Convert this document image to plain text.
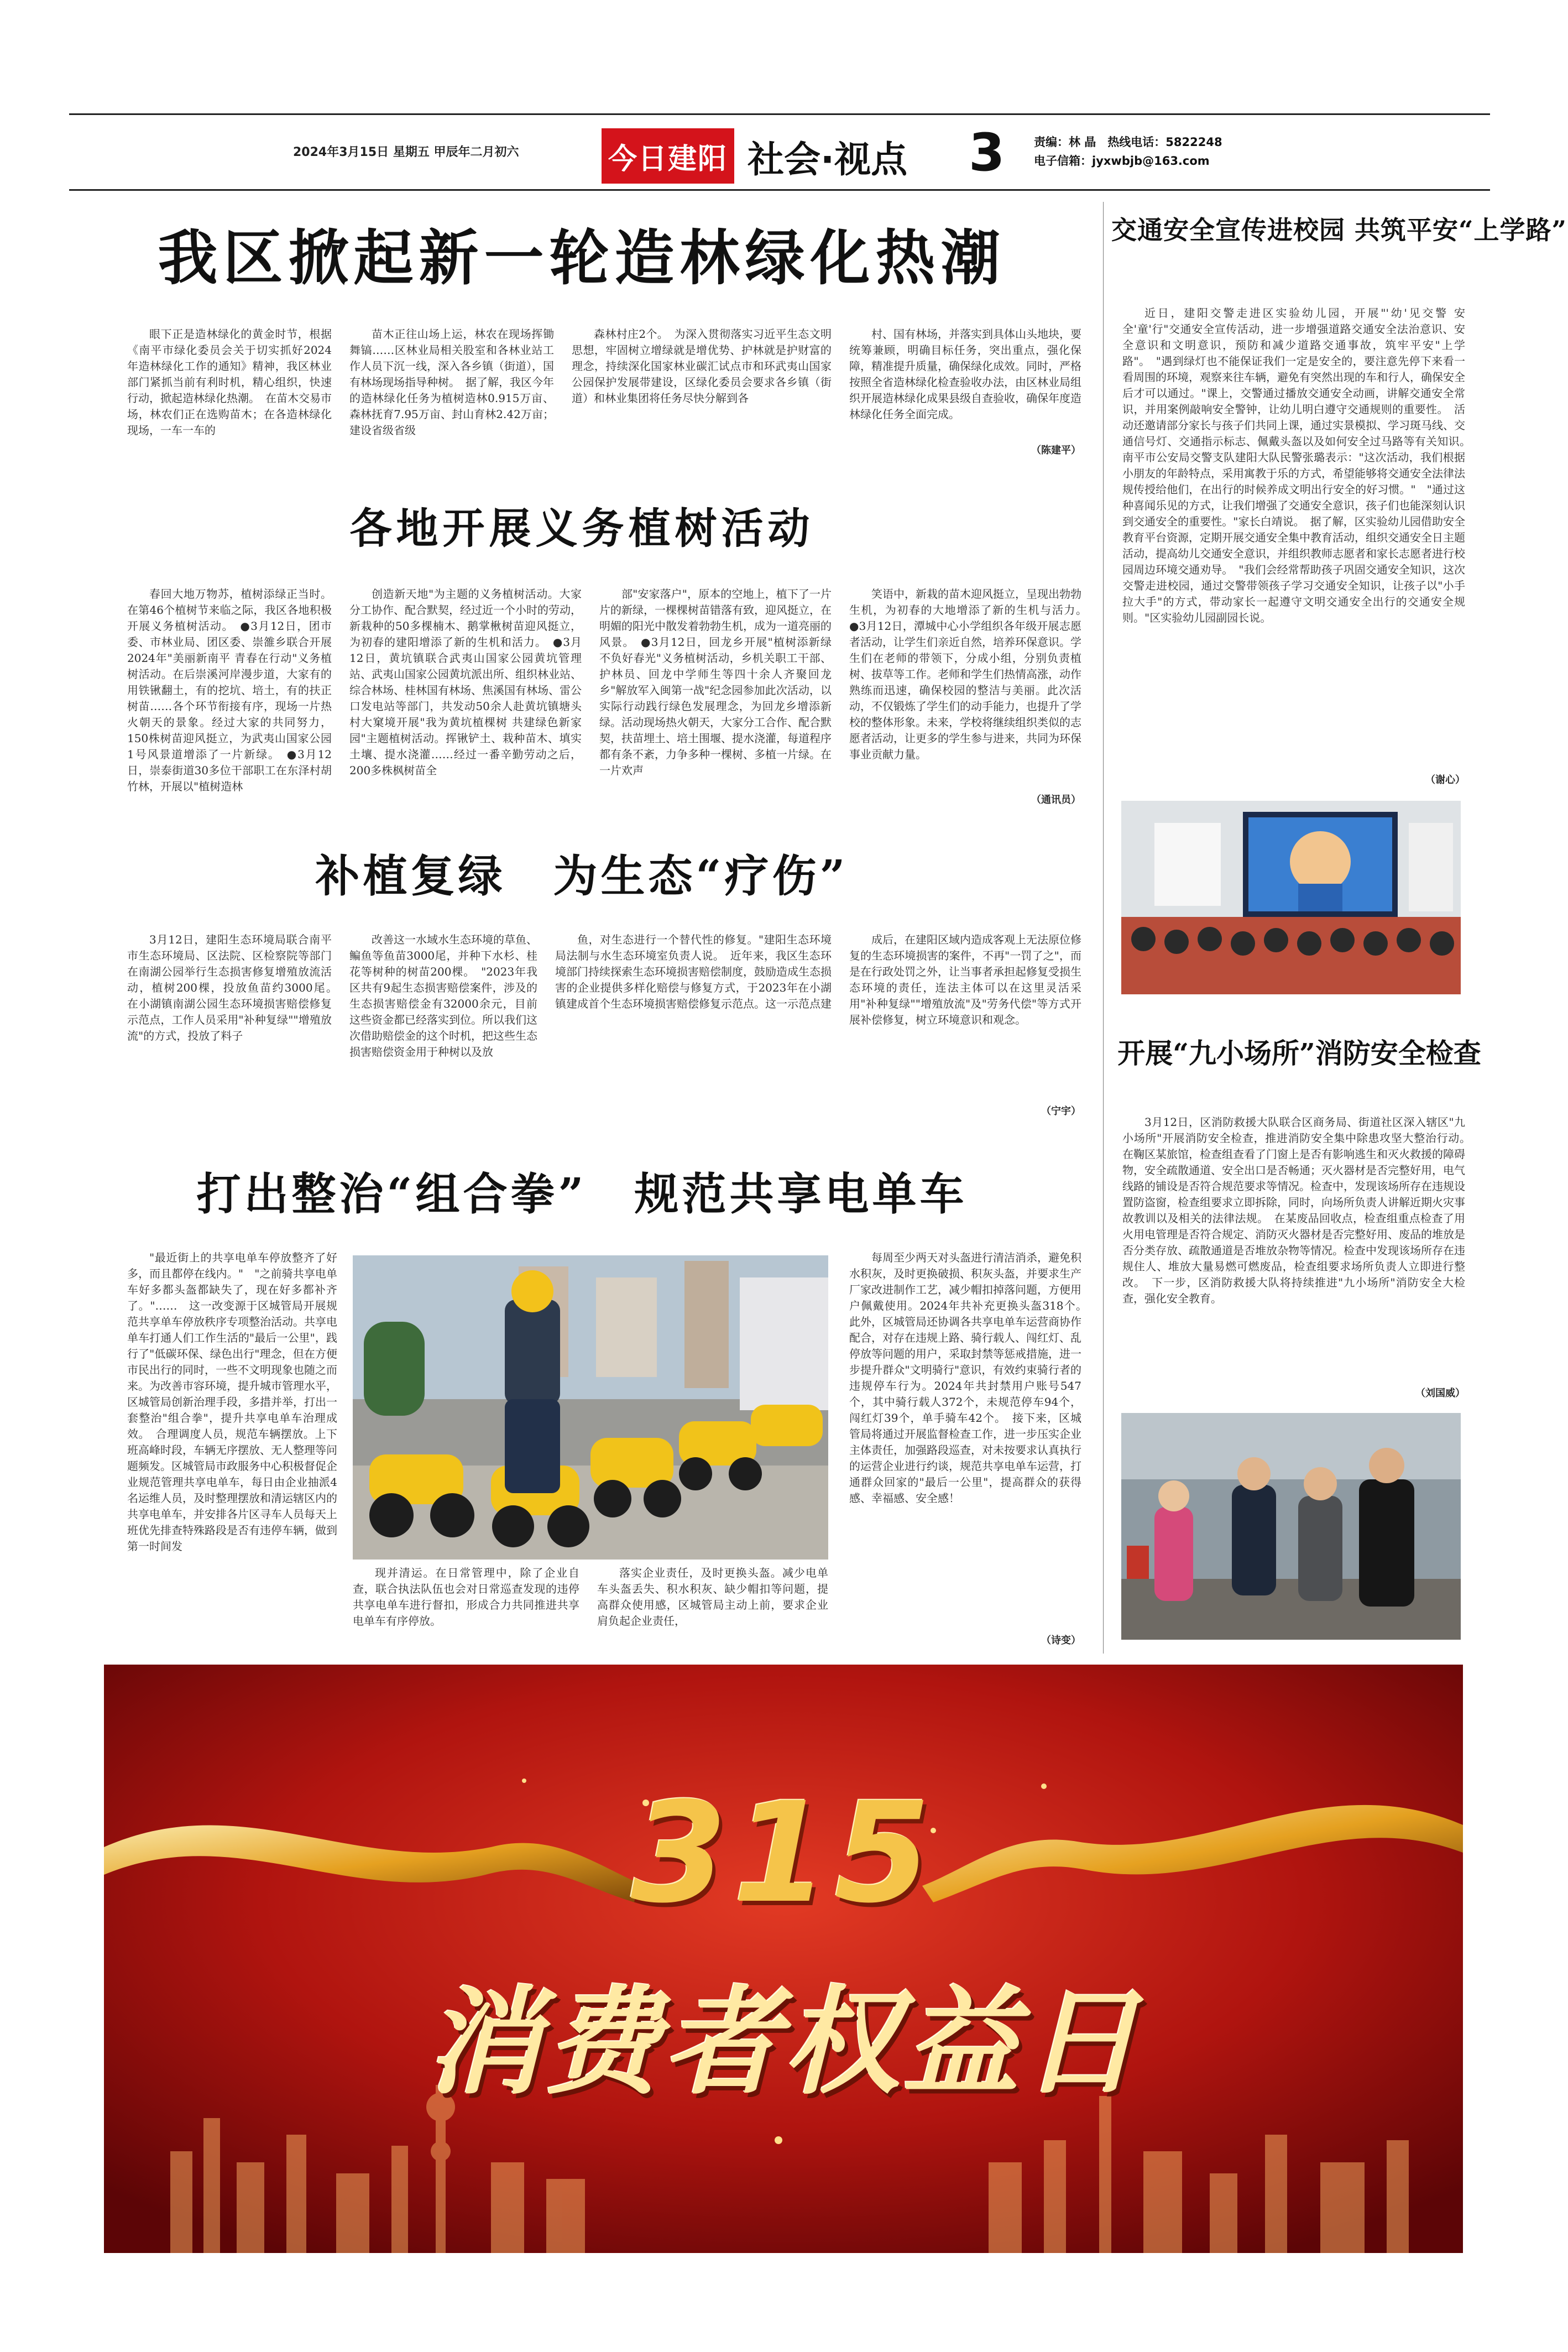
2024年3月15日 星期五 甲辰年二月初六	今日建阳 社会·视点 3	责编：林 晶　热线电话：5822248
电子信箱：jyxwbjb@163.com
我区掀起新一轮造林绿化热潮

眼下正是造林绿化的黄金时节，根据《南平市绿化委员会关于切实抓好2024年造林绿化工作的通知》精神，我区林业部门紧抓当前有利时机，精心组织，快速行动，掀起造林绿化热潮。　在苗木交易市场，林农们正在选购苗木；在各造林绿化现场，一车一车的

苗木正往山场上运，林农在现场挥锄舞镐……区林业局相关股室和各林业站工作人员下沉一线，深入各乡镇（街道），国有林场现场指导种树。　据了解，我区今年的造林绿化任务为植树造林0.915万亩、森林抚育7.95万亩、封山育林2.42万亩；建设省级省级

森林村庄2个。　为深入贯彻落实习近平生态文明思想，牢固树立增绿就是增优势、护林就是护财富的理念，持续深化国家林业碳汇试点市和环武夷山国家公园保护发展带建设，区绿化委员会要求各乡镇（街道）和林业集团将任务尽快分解到各

村、国有林场，并落实到具体山头地块，要统筹兼顾，明确目标任务，突出重点，强化保障，精准提升质量，确保绿化成效。同时，严格按照全省造林绿化检查验收办法，由区林业局组织开展造林绿化成果县级自查验收，确保年度造林绿化任务全面完成。

（陈建平）
各地开展义务植树活动

春回大地万物苏，植树添绿正当时。在第46个植树节来临之际，我区各地积极开展义务植树活动。　●3月12日，团市委、市林业局、团区委、崇雒乡联合开展2024年"美丽新南平 青春在行动"义务植树活动。在后崇溪河岸漫步道，大家有的用铁锹翻土，有的挖坑、培土，有的扶正树苗……各个环节衔接有序，现场一片热火朝天的景象。经过大家的共同努力，150株树苗迎风挺立，为武夷山国家公园1号风景道增添了一片新绿。　●3月12日，崇泰街道30多位干部职工在东泽村胡竹林，开展以"植树造林

创造新天地"为主题的义务植树活动。大家分工协作、配合默契，经过近一个小时的劳动，新栽种的50多棵楠木、鹅掌楸树苗迎风挺立，为初春的建阳增添了新的生机和活力。　●3月12日，黄坑镇联合武夷山国家公园黄坑管理站、武夷山国家公园黄坑派出所、组织林业站、综合林场、桂林国有林场、焦溪国有林场、雷公口发电站等部门，共发动50余人赴黄坑镇塘头村大窠境开展"我为黄坑植棵树 共建绿色新家园"主题植树活动。挥锹铲土、栽种苗木、填实土壤、提水浇灌……经过一番辛勤劳动之后，200多株枫树苗全

部"安家落户"，原本的空地上，植下了一片片的新绿，一棵棵树苗错落有致，迎风挺立，在明媚的阳光中散发着勃勃生机，成为一道亮丽的风景。　●3月12日，回龙乡开展"植树添新绿 不负好春光"义务植树活动，乡机关职工干部、护林员、回龙中学师生等四十余人齐聚回龙乡"解放军入闽第一战"纪念园参加此次活动，以实际行动践行绿色发展理念，为回龙乡增添新绿。活动现场热火朝天，大家分工合作、配合默契，扶苗埋土、培土围堰、提水浇灌，每道程序都有条不紊，力争多种一棵树、多植一片绿。在一片欢声

笑语中，新栽的苗木迎风挺立，呈现出勃勃生机，为初春的大地增添了新的生机与活力。　●3月12日，潭城中心小学组织各年级开展志愿者活动，让学生们亲近自然，培养环保意识。学生们在老师的带领下，分成小组，分别负责植树、拔草等工作。老师和学生们热情高涨，动作熟练而迅速，确保校园的整洁与美丽。此次活动，不仅锻炼了学生们的动手能力，也提升了学校的整体形象。未来，学校将继续组织类似的志愿者活动，让更多的学生参与进来，共同为环保事业贡献力量。

（通讯员）
补植复绿　为生态“疗伤”

3月12日，建阳生态环境局联合南平市生态环境局、区法院、区检察院等部门在南湖公园举行生态损害修复增殖放流活动，植树200棵，投放鱼苗约3000尾。　在小湖镇南湖公园生态环境损害赔偿修复示范点，工作人员采用"补种复绿""增殖放流"的方式，投放了料子

改善这一水域水生态环境的草鱼、鳊鱼等鱼苗3000尾，并种下水杉、桂花等树种的树苗200棵。　"2023年我区共有9起生态损害赔偿案件，涉及的生态损害赔偿金有32000余元，目前这些资金都已经落实到位。所以我们这次借助赔偿金的这个时机，把这些生态损害赔偿资金用于种树以及放

鱼，对生态进行一个替代性的修复。"建阳生态环境局法制与水生态环境室负责人说。　近年来，我区生态环境部门持续探索生态环境损害赔偿制度，鼓励造成生态损害的企业提供多样化赔偿与修复方式，于2023年在小湖镇建成首个生态环境损害赔偿修复示范点。这一示范点建

成后，在建阳区域内造成客观上无法原位修复的生态环境损害的案件，不再"一罚了之"，而是在行政处罚之外，让当事者承担起修复受损生态环境的责任，连法主体可以在这里灵活采用"补种复绿""增殖放流"及"劳务代偿"等方式开展补偿修复，树立环境意识和观念。

（宁宇）
打出整治“组合拳”　规范共享电单车

"最近街上的共享电单车停放整齐了好多，而且都停在线内。"　"之前骑共享电单车好多都头盔都缺失了，现在好多都补齐了。"……　这一改变源于区城管局开展规范共享单车停放秩序专项整治活动。共享电单车打通人们工作生活的"最后一公里"，践行了"低碳环保、绿色出行"理念，但在方便市民出行的同时，一些不文明现象也随之而来。为改善市容环境，提升城市管理水平，区城管局创新治理手段，多措并举，打出一套整治"组合拳"，提升共享电单车治理成效。　合理调度人员，规范车辆摆放。上下班高峰时段，车辆无序摆放、无人整理等问题频发。区城管局市政服务中心积极督促企业规范管理共享电单车，每日由企业抽派4名运维人员，及时整理摆放和清运辖区内的共享电单车，并安排各片区寻车人员每天上班优先排查特殊路段是否有违停车辆，做到第一时间发

现并清运。在日常管理中，除了企业自查，联合执法队伍也会对日常巡查发现的违停共享电单车进行督扣，形成合力共同推进共享电单车有序停放。

落实企业责任，及时更换头盔。减少电单车头盔丢失、积水积灰、缺少帽扣等问题，提高群众使用感，区城管局主动上前，要求企业肩负起企业责任，

每周至少两天对头盔进行清洁消杀，避免积水积灰，及时更换破损、积灰头盔，并要求生产厂家改进制作工艺，减少帽扣掉落问题，方便用户佩戴使用。2024年共补充更换头盔318个。　此外，区城管局还协调各共享电单车运营商协作配合，对存在违规上路、骑行载人、闯红灯、乱停放等问题的用户，采取封禁等惩戒措施，进一步提升群众"文明骑行"意识，有效约束骑行者的违规停车行为。2024年共封禁用户账号547个，其中骑行载人372个，未规范停车94个，闯红灯39个，单手骑车42个。　接下来，区城管局将通过开展监督检查工作，进一步压实企业主体责任，加强路段巡查，对未按要求认真执行的运营企业进行约谈，规范共享电单车运营，打通群众回家的"最后一公里"，提高群众的获得感、幸福感、安全感！

（诗变）
交通安全宣传进校园 共筑平安“上学路”

近日，建阳交警走进区实验幼儿园，开展"'幼'见交警 安全'童'行"交通安全宣传活动，进一步增强道路交通安全法治意识、安全意识和文明意识，预防和减少道路交通事故，筑牢平安"上学路"。　"遇到绿灯也不能保证我们一定是安全的，要注意先停下来看一看周围的环境，观察来往车辆，避免有突然出现的车和行人，确保安全后才可以通过。"课上，交警通过播放交通安全动画，讲解交通安全常识，并用案例敲响安全警钟，让幼儿明白遵守交通规则的重要性。　活动还邀请部分家长与孩子们共同上课，通过实景模拟、学习斑马线、交通信号灯、交通指示标志、佩戴头盔以及如何安全过马路等有关知识。　南平市公安局交警支队建阳大队民警张璐表示："这次活动，我们根据小朋友的年龄特点，采用寓教于乐的方式，希望能够将交通安全法律法规传授给他们，在出行的时候养成文明出行安全的好习惯。"　"通过这种喜闻乐见的方式，让我们增强了交通安全意识，孩子们也能深刻认识到交通安全的重要性。"家长白靖说。　据了解，区实验幼儿园借助安全教育平台资源，定期开展交通安全集中教育活动，组织交通安全日主题活动，提高幼儿交通安全意识，并组织教师志愿者和家长志愿者进行校园周边环境交通劝导。　"我们会经常帮助孩子巩固交通安全知识，这次交警走进校园，通过交警带领孩子学习交通安全知识，让孩子以"小手拉大手"的方式，带动家长一起遵守文明交通安全出行的交通安全规则。"区实验幼儿园副园长说。

（谢心）
开展“九小场所”消防安全检查

3月12日，区消防救援大队联合区商务局、街道社区深入辖区"九小场所"开展消防安全检查，推进消防安全集中除患攻坚大整治行动。　在鞠区某旅馆，检查组查看了门窗上是否有影响逃生和灭火救援的障碍物，安全疏散通道、安全出口是否畅通；灭火器材是否完整好用，电气线路的铺设是否符合规范要求等情况。检查中，发现该场所存在违规设置防盗窗，检查组要求立即拆除，同时，向场所负责人讲解近期火灾事故教训以及相关的法律法规。　在某废品回收点，检查组重点检查了用火用电管理是否符合规定、消防灭火器材是否完整好用、废品的堆放是否分类存放、疏散通道是否堆放杂物等情况。检查中发现该场所存在违规住人、堆放大量易燃可燃废品，检查组要求场所负责人立即进行整改。　下一步，区消防救援大队将持续推进"九小场所"消防安全大检查，强化安全教育。

（刘国威）
315
消费者权益日
